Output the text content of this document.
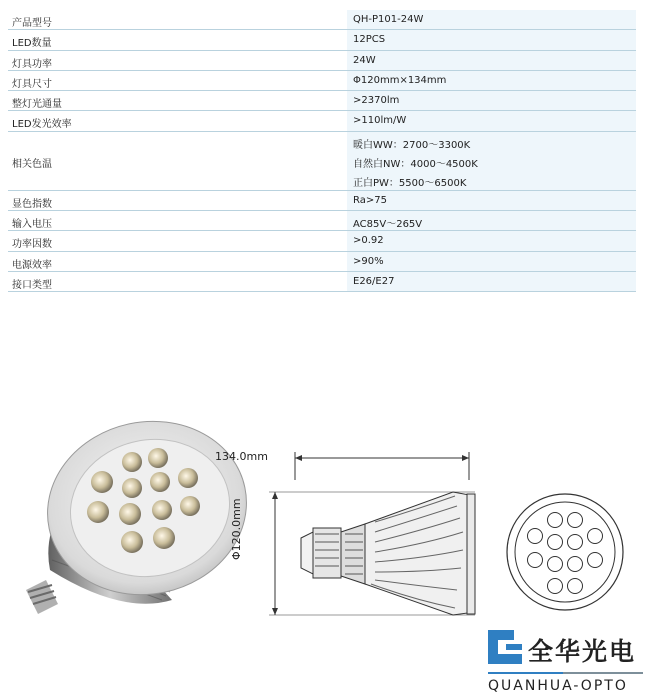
产品型号	QH-P101-24W
LED数量	12PCS
灯具功率	24W
灯具尺寸	Φ120mm×134mm
整灯光通量	>2370lm
LED发光效率	>110lm/W
相关色温
暖白WW：2700～3300K
自然白NW：4000～4500K
正白PW：5500～6500K
显色指数	Ra>75
输入电压	AC85V～265V
功率因数	>0.92
电源效率	>90%
接口类型	E26/E27
134.0mm
Φ120.0mm
全华光电
QUANHUA-OPTO
